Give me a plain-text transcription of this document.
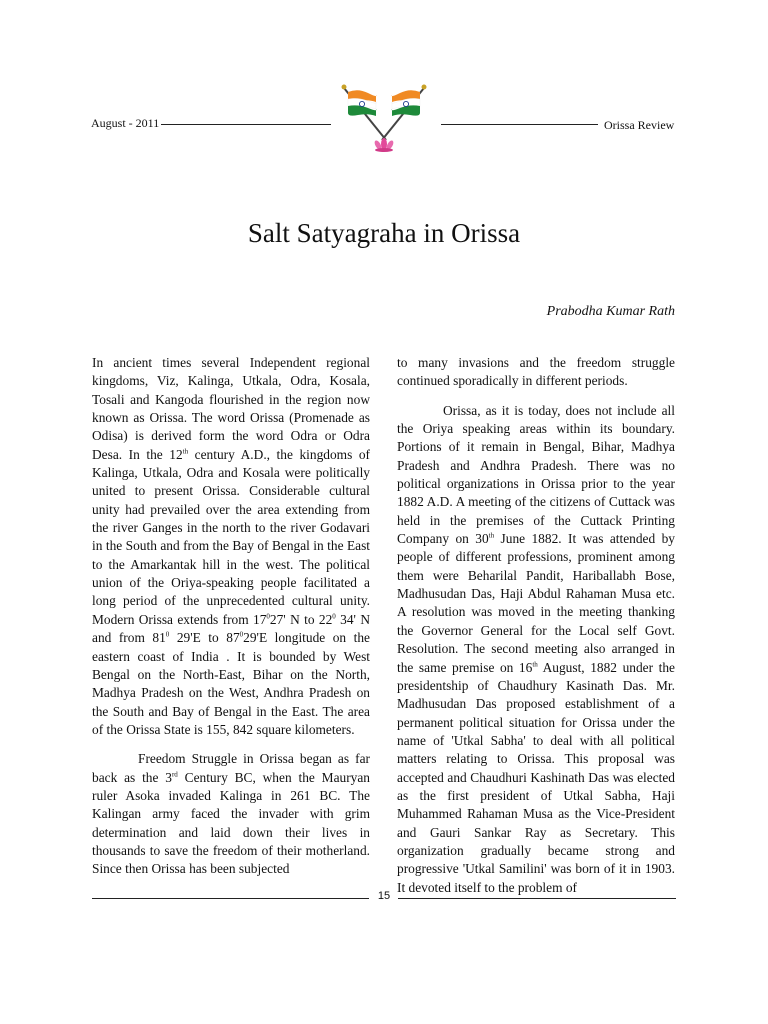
August - 2011	Orissa Review
Salt Satyagraha in Orissa
Prabodha Kumar Rath

In ancient times several Independent regional kingdoms, Viz, Kalinga, Utkala, Odra, Kosala, Tosali and Kangoda flourished in the region now known as Orissa. The word Orissa (Promenade as Odisa) is derived form the word Odra or Odra Desa. In the 12th century A.D., the kingdoms of Kalinga, Utkala, Odra and Kosala were politically united to present Orissa. Considerable cultural unity had prevailed over the area extending from the river Ganges in the north to the river Godavari in the South and from the Bay of Bengal in the East to the Amarkantak hill in the west. The political union of the Oriya-speaking people facilitated a long period of the unprecedented cultural unity. Modern Orissa extends from $17^027'$ N to $22^0$ 34' N and from $81^0$ 29'E to $87^029'E$ longitude on the eastern coast of India . It is bounded by West Bengal on the North-East, Bihar on the North, Madhya Pradesh on the West, Andhra Pradesh on the South and Bay of Bengal in the East. The area of the Orissa State is 155, 842 square kilometers.

Freedom Struggle in Orissa began as far back as the 3rd Century BC, when the Mauryan ruler Asoka invaded Kalinga in 261 BC. The Kalingan army faced the invader with grim determination and laid down their lives in thousands to save the freedom of their motherland. Since then Orissa has been subjected

to many invasions and the freedom struggle continued sporadically in different periods.

Orissa, as it is today, does not include all the Oriya speaking areas within its boundary. Portions of it remain in Bengal, Bihar, Madhya Pradesh and Andhra Pradesh. There was no political organizations in Orissa prior to the year 1882 A.D. A meeting of the citizens of Cuttack was held in the premises of the Cuttack Printing Company on 30th June 1882. It was attended by people of different professions, prominent among them were Beharilal Pandit, Hariballabh Bose, Madhusudan Das, Haji Abdul Rahaman Musa etc. A resolution was moved in the meeting thanking the Governor General for the Local self Govt. Resolution. The second meeting also arranged in the same premise on 16th August, 1882 under the presidentship of Chaudhury Kasinath Das. Mr. Madhusudan Das proposed establishment of a permanent political situation for Orissa under the name of 'Utkal Sabha' to deal with all political matters relating to Orissa. This proposal was accepted and Chaudhuri Kashinath Das was elected as the first president of Utkal Sabha, Haji Muhammed Rahaman Musa as the Vice-President and Gauri Sankar Ray as Secretary. This organization gradually became strong and progressive 'Utkal Samilini' was born of it in 1903. It devoted itself to the problem of

15
